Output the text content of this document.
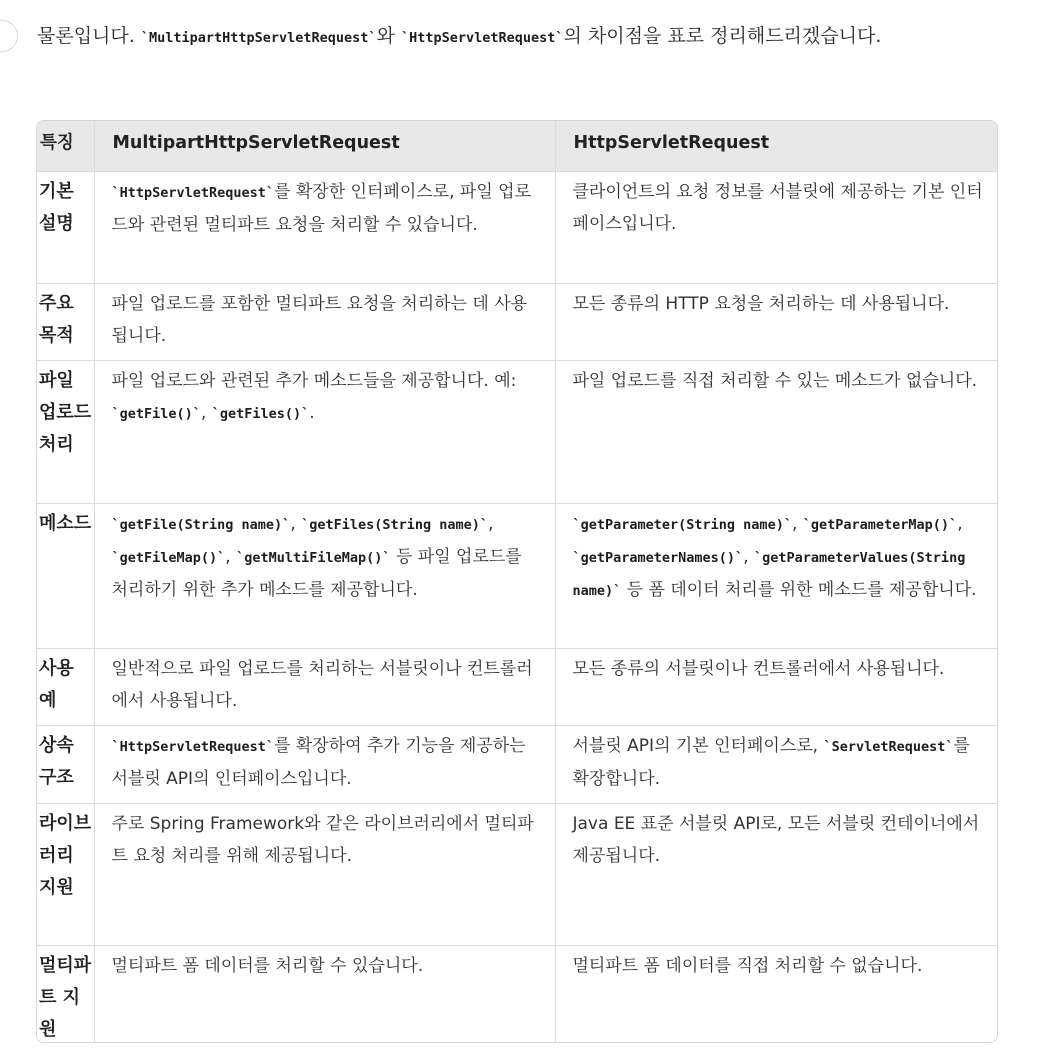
물론입니다. `MultipartHttpServletRequest`와 `HttpServletRequest`의 차이점을 표로 정리해드리겠습니다.
특징	MultipartHttpServletRequest	HttpServletRequest
기본 설명	`HttpServletRequest`를 확장한 인터페이스로, 파일 업로드와 관련된 멀티파트 요청을 처리할 수 있습니다.	클라이언트의 요청 정보를 서블릿에 제공하는 기본 인터페이스입니다.
주요 목적	파일 업로드를 포함한 멀티파트 요청을 처리하는 데 사용됩니다.	모든 종류의 HTTP 요청을 처리하는 데 사용됩니다.
파일 업로드 처리	파일 업로드와 관련된 추가 메소드들을 제공합니다. 예: `getFile()`, `getFiles()`.	파일 업로드를 직접 처리할 수 있는 메소드가 없습니다.
메소드	`getFile(String name)`, `getFiles(String name)`, `getFileMap()`, `getMultiFileMap()` 등 파일 업로드를 처리하기 위한 추가 메소드를 제공합니다.	`getParameter(String name)`, `getParameterMap()`, `getParameterNames()`, `getParameterValues(String name)` 등 폼 데이터 처리를 위한 메소드를 제공합니다.
사용 예	일반적으로 파일 업로드를 처리하는 서블릿이나 컨트롤러에서 사용됩니다.	모든 종류의 서블릿이나 컨트롤러에서 사용됩니다.
상속 구조	`HttpServletRequest`를 확장하여 추가 기능을 제공하는 서블릿 API의 인터페이스입니다.	서블릿 API의 기본 인터페이스로, `ServletRequest`를 확장합니다.
라이브러리 지원	주로 Spring Framework와 같은 라이브러리에서 멀티파트 요청 처리를 위해 제공됩니다.	Java EE 표준 서블릿 API로, 모든 서블릿 컨테이너에서 제공됩니다.
멀티파트 지원	멀티파트 폼 데이터를 처리할 수 있습니다.	멀티파트 폼 데이터를 직접 처리할 수 없습니다.
